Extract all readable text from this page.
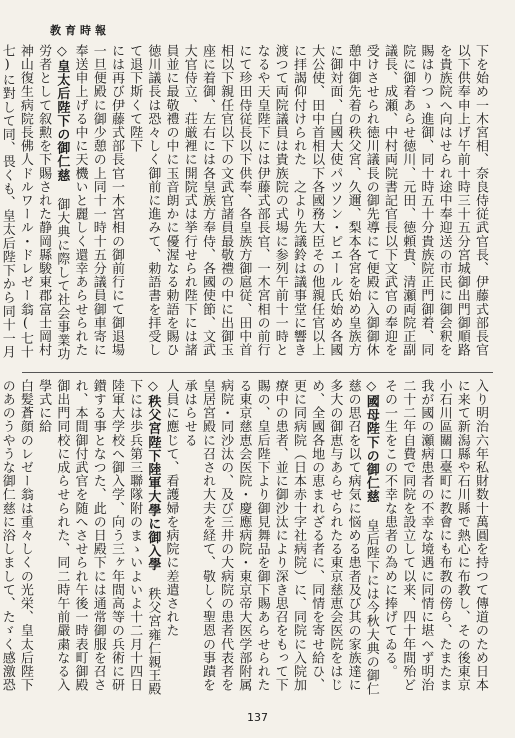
教育時報
下を始め一木宮相、奈良侍従武官長、伊藤式部長官以下供奉申上げ午前十時三十五分宮城御出門御順路を貴族院へ向はせられ途中奉迎送の市民に御会釈を賜はりつゝ進御、同十時五十分貴族院正門御着、同院に御着あらせ徳川、元田、徳頼貴、清瀬両院正副議長、成瀬、中村両院書記官長以下文武官の奉迎を受けさせられ徳川議長の御先導にて便殿に入御御休憩中御先着の秩父宮、久邇、梨本各宮を始め皇族方に御対面、白國大使パツソン・ピエール氏始め各國大公使、田中首相以下各國務大臣その他親任官以上に拝謁仰付けられた　之より先議鈴は議事堂に響き渡つて両院議員は貴族院の式場に参列午前十一時となるや天皇陛下には伊藤式部長官、一木宮相の前行にて珍田侍従長以下供奉、各皇族方御扈従、田中首相以下親任官以下の文武官諸員最敬禮の中に出御玉座に着御、左右には各皇族方奉侍、各國使節、文武大官侍立、荘厳裡に開院式は挙行せられ陛下には諸員並に最敬禮の中に玉音朗かに優渥なる勅語を賜ひ徳川議長は恐々しく御前に進みて、勅語書を拝受して退下斯くて陛下
には再び伊藤式部長官一木宮相の御前行にて御退場一旦便殿に御少憩の上同十一時十五分議員御車寄に奉送申上げる中に天機いと麗しく還幸あらせられた
◇皇太后陛下の御仁慈 御大典に際して社会事業功労者として叙勲を下賜された静岡縣駿東郡富士岡村神山復生病院長佛人ドルワール・ドレゼー翁(七十七)に對して同、畏くも、皇太后陛下から同十一月

入り明治六年私財数十萬圓を持つて傳道のため日本に来て新潟縣や石川縣で熱心に布教し、その後東京小石川區關口臺町に教會にも布教の傍ら、たまたま我が國の瀬病患者の不幸な境遇に同情に堪へず明治二十二年自費で同院を設立して以来、四十年間殆どその一生をこの不幸な患者の為めに捧げてゐる。
◇國母陛下の御仁慈 皇后陛下には今秋大典の御仁慈の思召を以て病気に悩める患者及び其の家族達に多大の御恵与あらせられたる東京慈恵会医院をはじめ、全國各地の恵まれざる者に、同情を寄せ給ひ、更に同病院（日本赤十字社病院）に、同院に入院加療中の患者、並に御沙汰により深き思召をもって下賜の、皇后陛下より御見舞品を御下賜あらせられたる東京慈恵会医院・慶應病院・東京帝大医学部附属病院・同沙汰の、及び三井の大病院の患者代表者を皇居宮殿に召され大夫を経て、敬しく聖恩の事蹟を承はらせる
人員に應じて、看護婦を病院に差遣された
◇秩父宮陛下陸軍大學に御入學 秩父宮雍仁親王殿下には歩兵第三聯隊附のまゝいよいよ十二月十四日陸軍大学校へ御入学、向う三ヶ年間高等の兵術に研鑚する事となつた、此の日殿下には通常御服を召され、本間御付武官を随へさせられ午後一時表町御殿御出門同校に成らせられた、同二時午前嚴粛なる入學式に給
白髪蒼顔のレゼー翁は重々しくの光栄、皇太后陛下のあのうやうな御仁慈に浴しまして、たゞく感激恐
137
